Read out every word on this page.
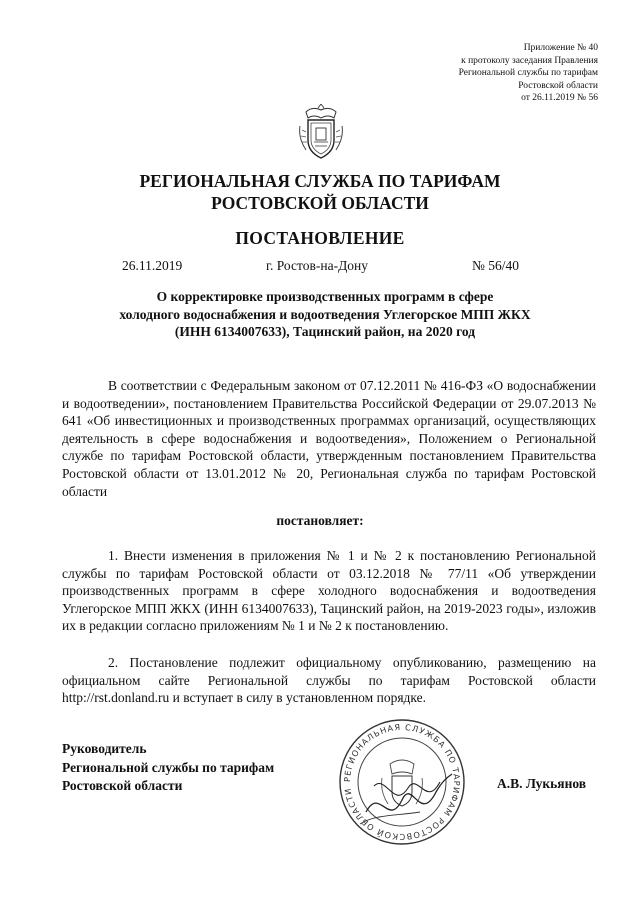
Приложение № 40
к протоколу заседания Правления
Региональной службы по тарифам
Ростовской области
от 26.11.2019 № 56
РЕГИОНАЛЬНАЯ СЛУЖБА ПО ТАРИФАМ
РОСТОВСКОЙ ОБЛАСТИ
ПОСТАНОВЛЕНИЕ
26.11.2019	г. Ростов-на-Дону	№ 56/40
О корректировке производственных программ в сфере
холодного водоснабжения и водоотведения Углегорское МПП ЖКХ
(ИНН 6134007633), Тацинский район, на 2020 год

В соответствии с Федеральным законом от 07.12.2011 № 416-ФЗ «О водоснабжении и водоотведении», постановлением Правительства Российской Федерации от 29.07.2013 № 641 «Об инвестиционных и производственных программах организаций, осуществляющих деятельность в сфере водоснабжения и водоотведения», Положением о Региональной службе по тарифам Ростовской области, утвержденным постановлением Правительства Ростовской области от 13.01.2012 № 20, Региональная служба по тарифам Ростовской области

постановляет:

1. Внести изменения в приложения № 1 и № 2 к постановлению Региональной службы по тарифам Ростовской области от 03.12.2018 № 77/11 «Об утверждении производственных программ в сфере холодного водоснабжения и водоотведения Углегорское МПП ЖКХ (ИНН 6134007633), Тацинский район, на 2019-2023 годы», изложив их в редакции согласно приложениям № 1 и № 2 к постановлению.

2. Постановление подлежит официальному опубликованию, размещению на официальном сайте Региональной службы по тарифам Ростовской области http://rst.donland.ru и вступает в силу в установленном порядке.

Руководитель
Региональной службы по тарифам
Ростовской области	А.В. Лукьянов
РЕГИОНАЛЬНАЯ СЛУЖБА ПО ТАРИФАМ РОСТОВСКОЙ ОБЛАСТИ
